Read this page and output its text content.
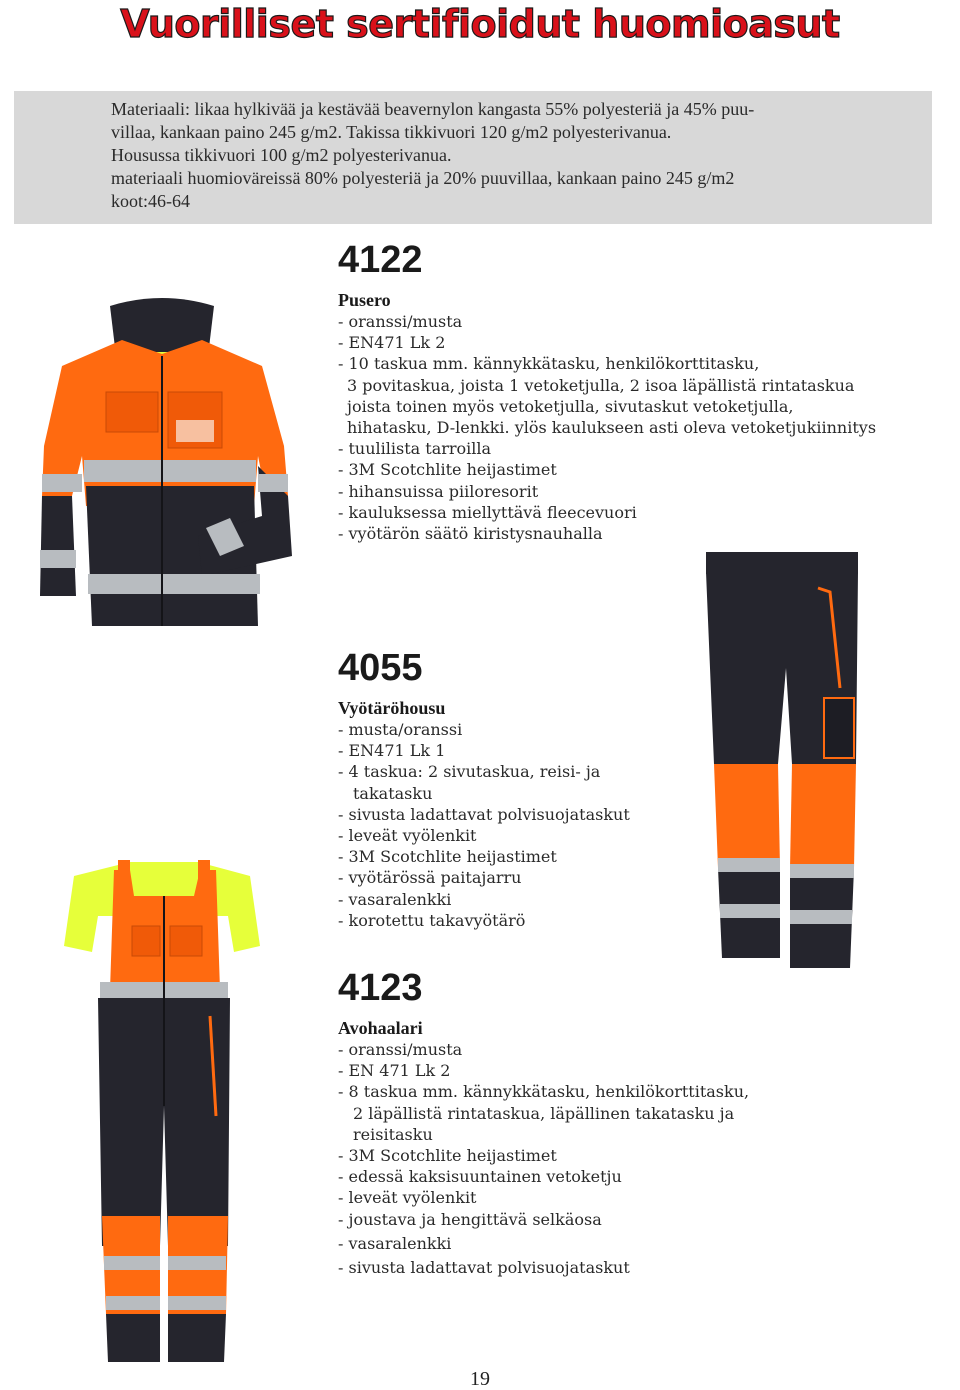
Vuorilliset sertifioidut huomioasut
Materiaali: likaa hylkivää ja kestävää beavernylon kangasta 55% polyesteriä ja 45% puu-
villaa, kankaan paino 245 g/m2. Takissa tikkivuori 120 g/m2 polyesterivanua.
Housussa tikkivuori 100 g/m2 polyesterivanua.
materiaali huomioväreissä 80% polyesteriä ja 20% puuvillaa, kankaan paino 245 g/m2
koot:46-64
4122
Pusero
- oranssi/musta
- EN471 Lk 2
- 10 taskua mm. kännykkätasku, henkilökorttitasku,
3 povitaskua, joista 1 vetoketjulla, 2 isoa läpällistä rintataskua
joista toinen myös vetoketjulla, sivutaskut vetoketjulla,
hihatasku, D-lenkki. ylös kaulukseen asti oleva vetoketjukiinnitys
- tuulilista tarroilla
- 3M Scotchlite heijastimet
- hihansuissa piiloresorit
- kauluksessa miellyttävä fleecevuori
- vyötärön säätö kiristysnauhalla
4055
Vyötäröhousu
- musta/oranssi
- EN471 Lk 1
- 4 taskua: 2 sivutaskua, reisi- ja
takatasku
- sivusta ladattavat polvisuojataskut
- leveät vyölenkit
- 3M Scotchlite heijastimet
- vyötärössä paitajarru
- vasaralenkki
- korotettu takavyötärö
4123
Avohaalari
- oranssi/musta
- EN 471 Lk 2
- 8 taskua mm. kännykkätasku, henkilökorttitasku,
2 läpällistä rintataskua, läpällinen takatasku ja
reisitasku
- 3M Scotchlite heijastimet
- edessä kaksisuuntainen vetoketju
- leveät vyölenkit
- joustava ja hengittävä selkäosa
- vasaralenkki
- sivusta ladattavat polvisuojataskut
19
